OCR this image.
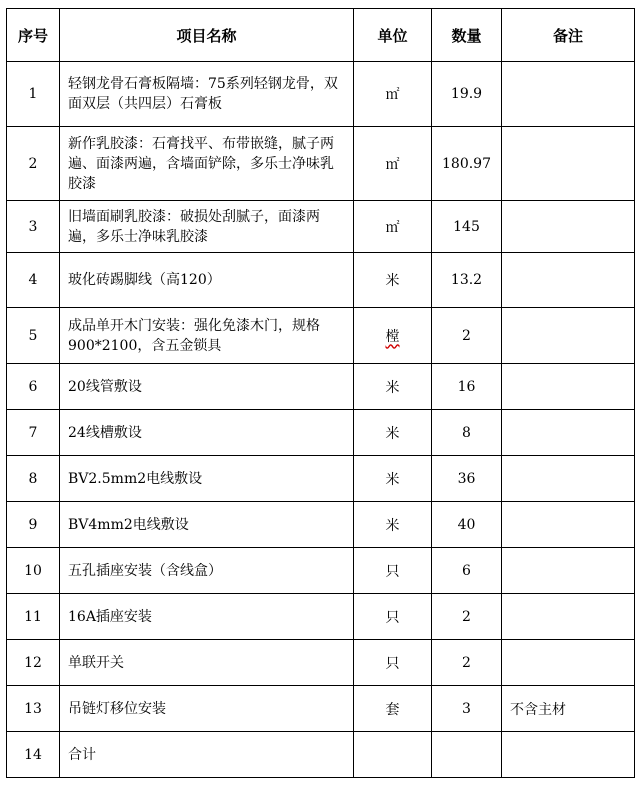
序号	项目名称	单位	数量	备注
1	轻钢龙骨石膏板隔墙：75系列轻钢龙骨，双面双层（共四层）石膏板	㎡	19.9	
2	新作乳胶漆：石膏找平、布带嵌缝，腻子两遍、面漆两遍，含墙面铲除，多乐士净味乳胶漆	㎡	180.97	
3	旧墙面刷乳胶漆：破损处刮腻子，面漆两遍，多乐士净味乳胶漆	㎡	145	
4	玻化砖踢脚线（高120）	米	13.2	
5	成品单开木门安装：强化免漆木门，规格900*2100，含五金锁具	樘	2	
6	20线管敷设	米	16	
7	24线槽敷设	米	8	
8	BV2.5mm2电线敷设	米	36	
9	BV4mm2电线敷设	米	40	
10	五孔插座安装（含线盒）	只	6	
11	16A插座安装	只	2	
12	单联开关	只	2	
13	吊链灯移位安装	套	3	不含主材
14	合计			
